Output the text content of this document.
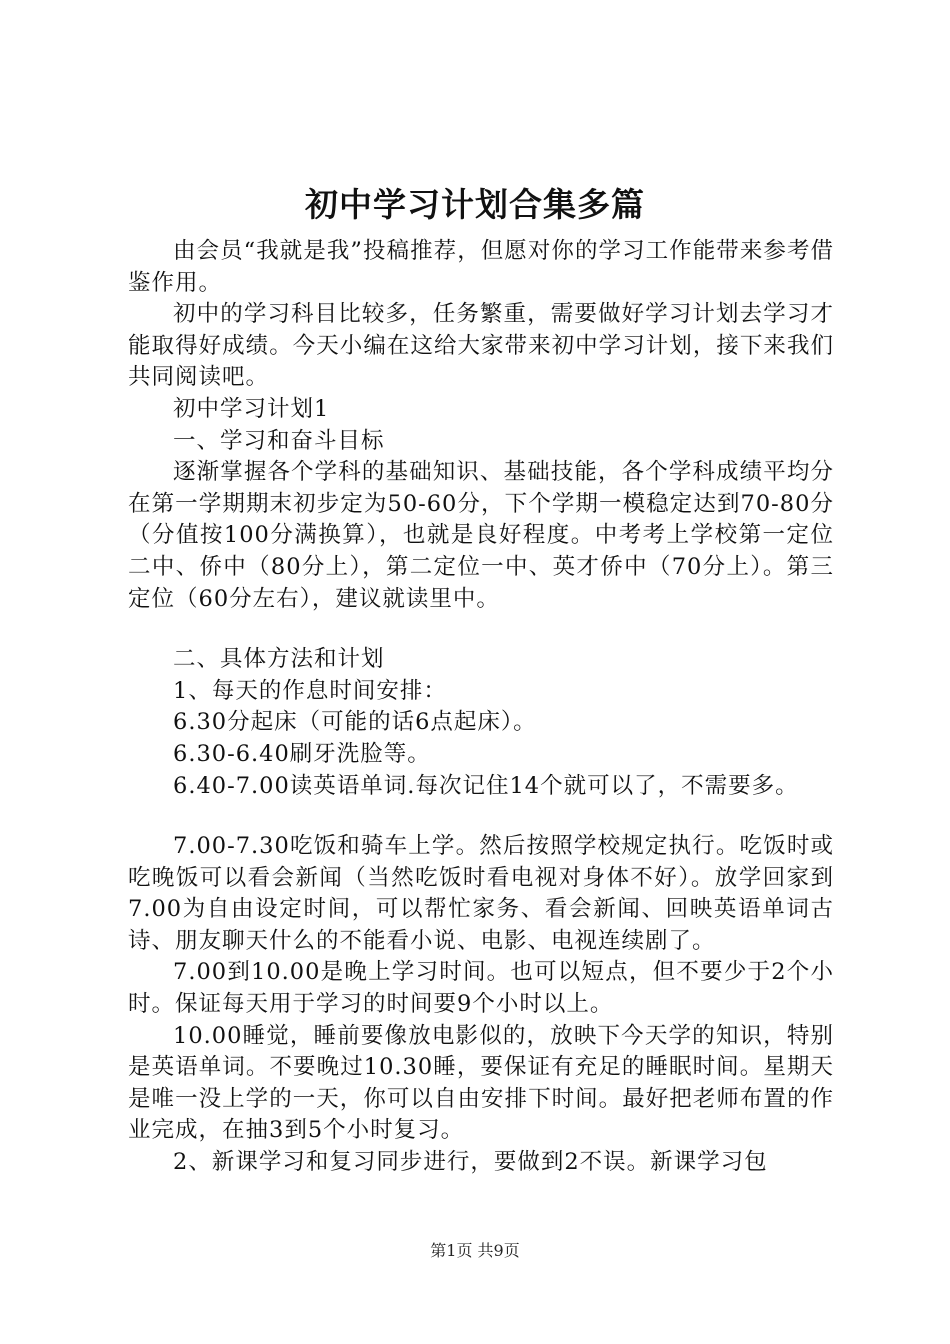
初中学习计划合集多篇

由会员“我就是我”投稿推荐，但愿对你的学习工作能带来参考借鉴作用。

初中的学习科目比较多，任务繁重，需要做好学习计划去学习才能取得好成绩。今天小编在这给大家带来初中学习计划，接下来我们共同阅读吧。

初中学习计划1

一、学习和奋斗目标

逐渐掌握各个学科的基础知识、基础技能，各个学科成绩平均分在第一学期期末初步定为50-60分，下个学期一模稳定达到70-80分（分值按100分满换算），也就是良好程度。中考考上学校第一定位二中、侨中（80分上），第二定位一中、英才侨中（70分上）。第三定位（60分左右），建议就读里中。

二、具体方法和计划

1、每天的作息时间安排：

6.30分起床（可能的话6点起床）。

6.30-6.40刷牙洗脸等。

6.40-7.00读英语单词.每次记住14个就可以了，不需要多。

7.00-7.30吃饭和骑车上学。然后按照学校规定执行。吃饭时或吃晚饭可以看会新闻（当然吃饭时看电视对身体不好）。放学回家到7.00为自由设定时间，可以帮忙家务、看会新闻、回映英语单词古诗、朋友聊天什么的不能看小说、电影、电视连续剧了。

7.00到10.00是晚上学习时间。也可以短点，但不要少于2个小时。保证每天用于学习的时间要9个小时以上。

10.00睡觉，睡前要像放电影似的，放映下今天学的知识，特别是英语单词。不要晚过10.30睡，要保证有充足的睡眠时间。星期天是唯一没上学的一天，你可以自由安排下时间。最好把老师布置的作业完成，在抽3到5个小时复习。

2、新课学习和复习同步进行，要做到2不误。新课学习包

第1页 共9页
